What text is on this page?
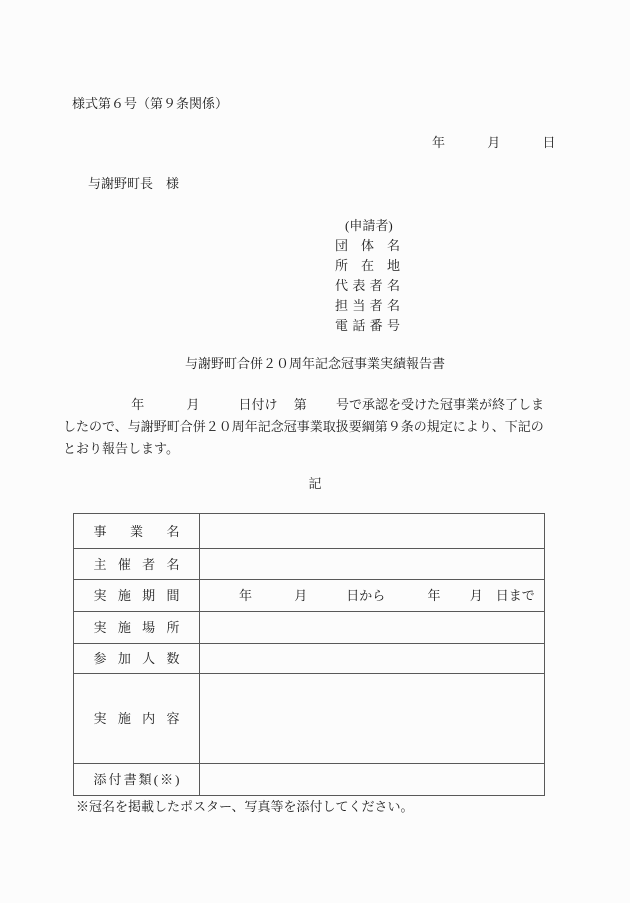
様式第６号（第９条関係）
年　　　 月　　　 日
与謝野町長　様
(申請者)
団体名
所在地
代表者名
担当者名
電話番号
与謝野町合併２０周年記念冠事業実績報告書
　　　　　 年　　　 月　　　日付け　 第　　 号で承認を受けた冠事業が終了しま
したので、与謝野町合併２０周年記念冠事業取扱要綱第９条の規定により、下記の
とおり報告します。
記
事業名	
主催者名	
実施期間	　　　年　　　 月　　　日から　　　 年　　 月　日まで
実施場所	
参加人数	
実施内容	
添付書類(※)	
※冠名を掲載したポスター、写真等を添付してください。
